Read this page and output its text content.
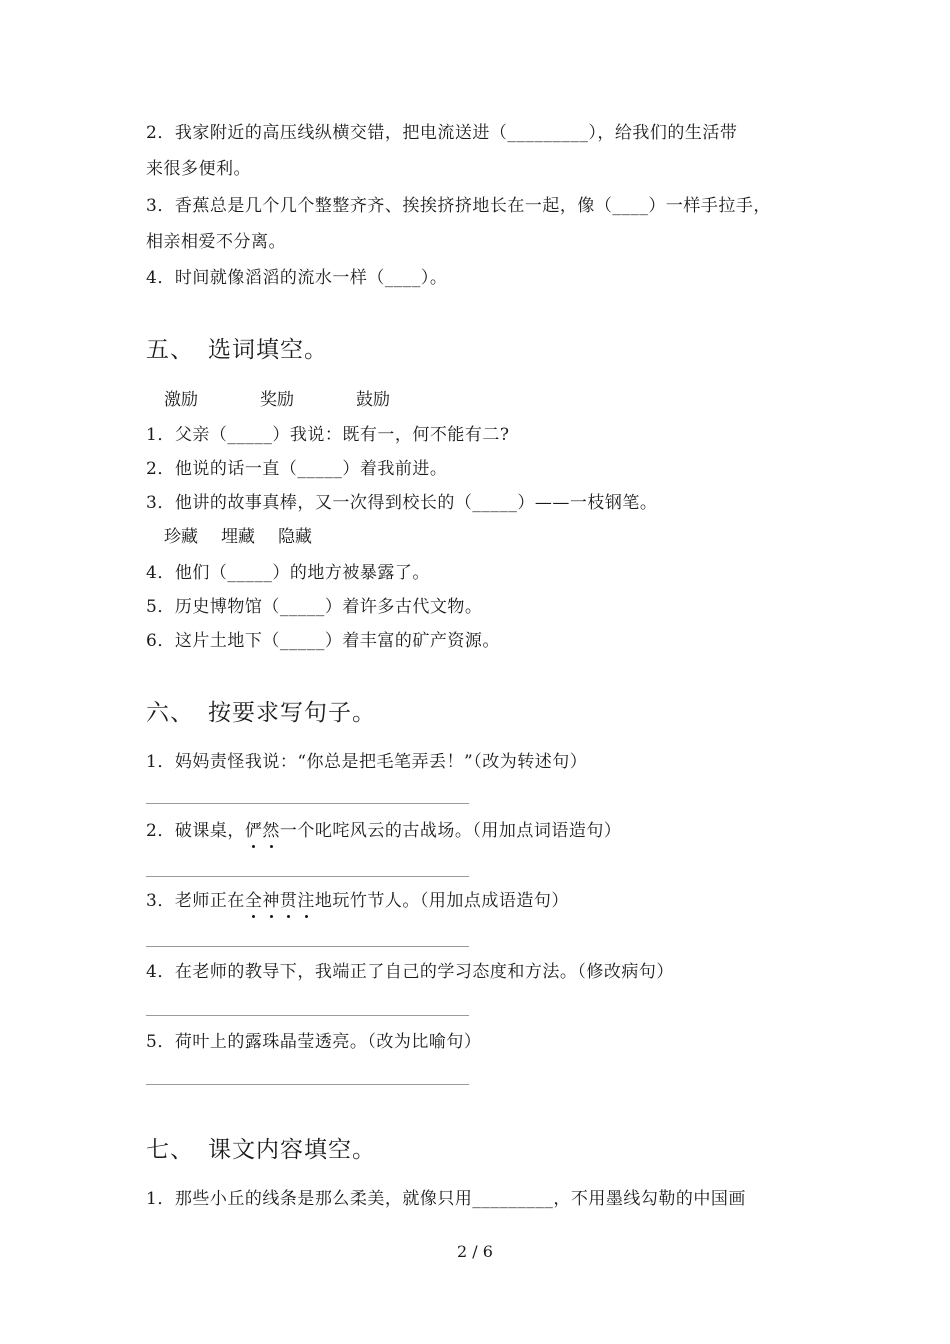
2．我家附近的高压线纵横交错，把电流送进（_________），给我们的生活带
来很多便利。
3．香蕉总是几个几个整整齐齐、挨挨挤挤地长在一起，像（____）一样手拉手，
相亲相爱不分离。
4．时间就像滔滔的流水一样（____）。
五、 选词填空。
激励	奖励	鼓励
1．父亲（_____）我说：既有一，何不能有二?
2．他说的话一直（_____）着我前进。
3．他讲的故事真棒，又一次得到校长的（_____）——一枝钢笔。
珍藏 埋藏 隐藏
4．他们（_____）的地方被暴露了。
5．历史博物馆（_____）着许多古代文物。
6．这片土地下（_____）着丰富的矿产资源。
六、 按要求写句子。
1．妈妈责怪我说：“你总是把毛笔弄丢！”（改为转述句）
2．破课桌，俨然一个叱咤风云的古战场。（用加点词语造句）
3．老师正在全神贯注地玩竹节人。（用加点成语造句）
4．在老师的教导下，我端正了自己的学习态度和方法。（修改病句）
5．荷叶上的露珠晶莹透亮。（改为比喻句）
七、 课文内容填空。
1．那些小丘的线条是那么柔美，就像只用_________，不用墨线勾勒的中国画
2 / 6
